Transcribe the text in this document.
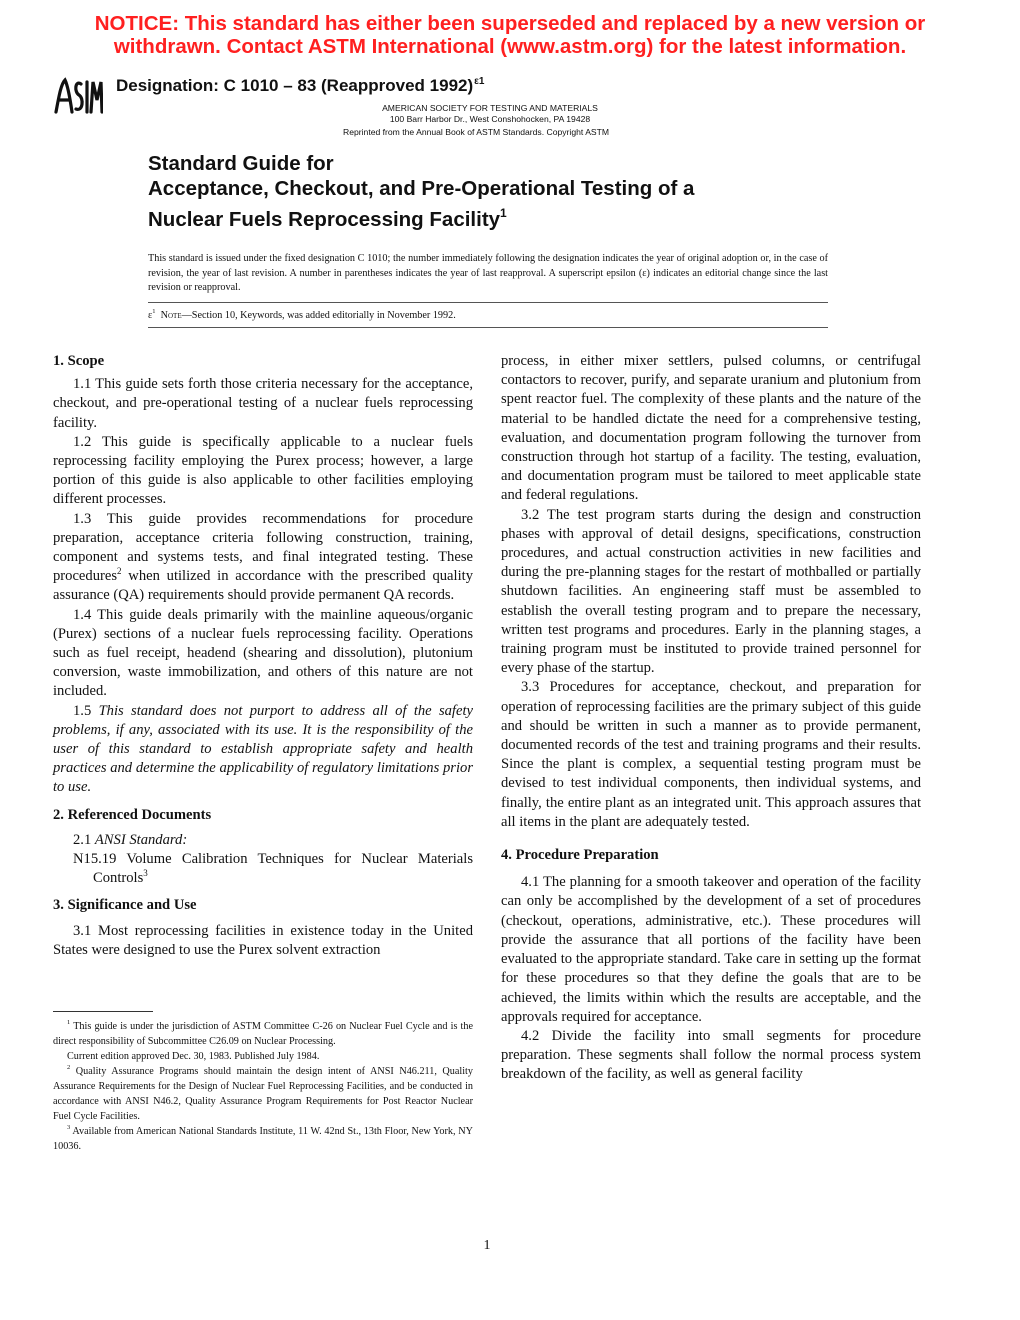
NOTICE: This standard has either been superseded and replaced by a new version or
withdrawn. Contact ASTM International (www.astm.org) for the latest information.
Designation: C 1010 – 83 (Reapproved 1992)$^{\varepsilon 1}$
AMERICAN SOCIETY FOR TESTING AND MATERIALS
100 Barr Harbor Dr., West Conshohocken, PA 19428
Reprinted from the Annual Book of ASTM Standards. Copyright ASTM
Standard Guide for
Acceptance, Checkout, and Pre-Operational Testing of a
Nuclear Fuels Reprocessing Facility$^1$
This standard is issued under the fixed designation C 1010; the number immediately following the designation indicates the year of original adoption or, in the case of revision, the year of last revision. A number in parentheses indicates the year of last reapproval. A superscript epsilon (ε) indicates an editorial change since the last revision or reapproval.
$\varepsilon^1$ Note—Section 10, Keywords, was added editorially in November 1992.
1. Scope

1.1 This guide sets forth those criteria necessary for the acceptance, checkout, and pre-operational testing of a nuclear fuels reprocessing facility.

1.2 This guide is specifically applicable to a nuclear fuels reprocessing facility employing the Purex process; however, a large portion of this guide is also applicable to other facilities employing different processes.

1.3 This guide provides recommendations for procedure preparation, acceptance criteria following construction, training, component and systems tests, and final integrated testing. These procedures$^2$ when utilized in accordance with the prescribed quality assurance (QA) requirements should provide permanent QA records.

1.4 This guide deals primarily with the mainline aqueous/organic (Purex) sections of a nuclear fuels reprocessing facility. Operations such as fuel receipt, headend (shearing and dissolution), plutonium conversion, waste immobilization, and others of this nature are not included.

1.5 This standard does not purport to address all of the safety problems, if any, associated with its use. It is the responsibility of the user of this standard to establish appropriate safety and health practices and determine the applicability of regulatory limitations prior to use.

2. Referenced Documents

2.1 ANSI Standard:

N15.19 Volume Calibration Techniques for Nuclear Materials Controls$^3$

3. Significance and Use

3.1 Most reprocessing facilities in existence today in the United States were designed to use the Purex solvent extraction

$^1$ This guide is under the jurisdiction of ASTM Committee C-26 on Nuclear Fuel Cycle and is the direct responsibility of Subcommittee C26.09 on Nuclear Processing.

Current edition approved Dec. 30, 1983. Published July 1984.

$^2$ Quality Assurance Programs should maintain the design intent of ANSI N46.211, Quality Assurance Requirements for the Design of Nuclear Fuel Reprocessing Facilities, and be conducted in accordance with ANSI N46.2, Quality Assurance Program Requirements for Post Reactor Nuclear Fuel Cycle Facilities.

$^3$ Available from American National Standards Institute, 11 W. 42nd St., 13th Floor, New York, NY 10036.

process, in either mixer settlers, pulsed columns, or centrifugal contactors to recover, purify, and separate uranium and plutonium from spent reactor fuel. The complexity of these plants and the nature of the material to be handled dictate the need for a comprehensive testing, evaluation, and documentation program following the turnover from construction through hot startup of a facility. The testing, evaluation, and documentation program must be tailored to meet applicable state and federal regulations.

3.2 The test program starts during the design and construction phases with approval of detail designs, specifications, construction procedures, and actual construction activities in new facilities and during the pre-planning stages for the restart of mothballed or partially shutdown facilities. An engineering staff must be assembled to establish the overall testing program and to prepare the necessary, written test programs and procedures. Early in the planning stages, a training program must be instituted to provide trained personnel for every phase of the startup.

3.3 Procedures for acceptance, checkout, and preparation for operation of reprocessing facilities are the primary subject of this guide and should be written in such a manner as to provide permanent, documented records of the test and training programs and their results. Since the plant is complex, a sequential testing program must be devised to test individual components, then individual systems, and finally, the entire plant as an integrated unit. This approach assures that all items in the plant are adequately tested.

4. Procedure Preparation

4.1 The planning for a smooth takeover and operation of the facility can only be accomplished by the development of a set of procedures (checkout, operations, administrative, etc.). These procedures will provide the assurance that all portions of the facility have been evaluated to the appropriate standard. Take care in setting up the format for these procedures so that they define the goals that are to be achieved, the limits within which the results are acceptable, and the approvals required for acceptance.

4.2 Divide the facility into small segments for procedure preparation. These segments shall follow the normal process system breakdown of the facility, as well as general facility

1
